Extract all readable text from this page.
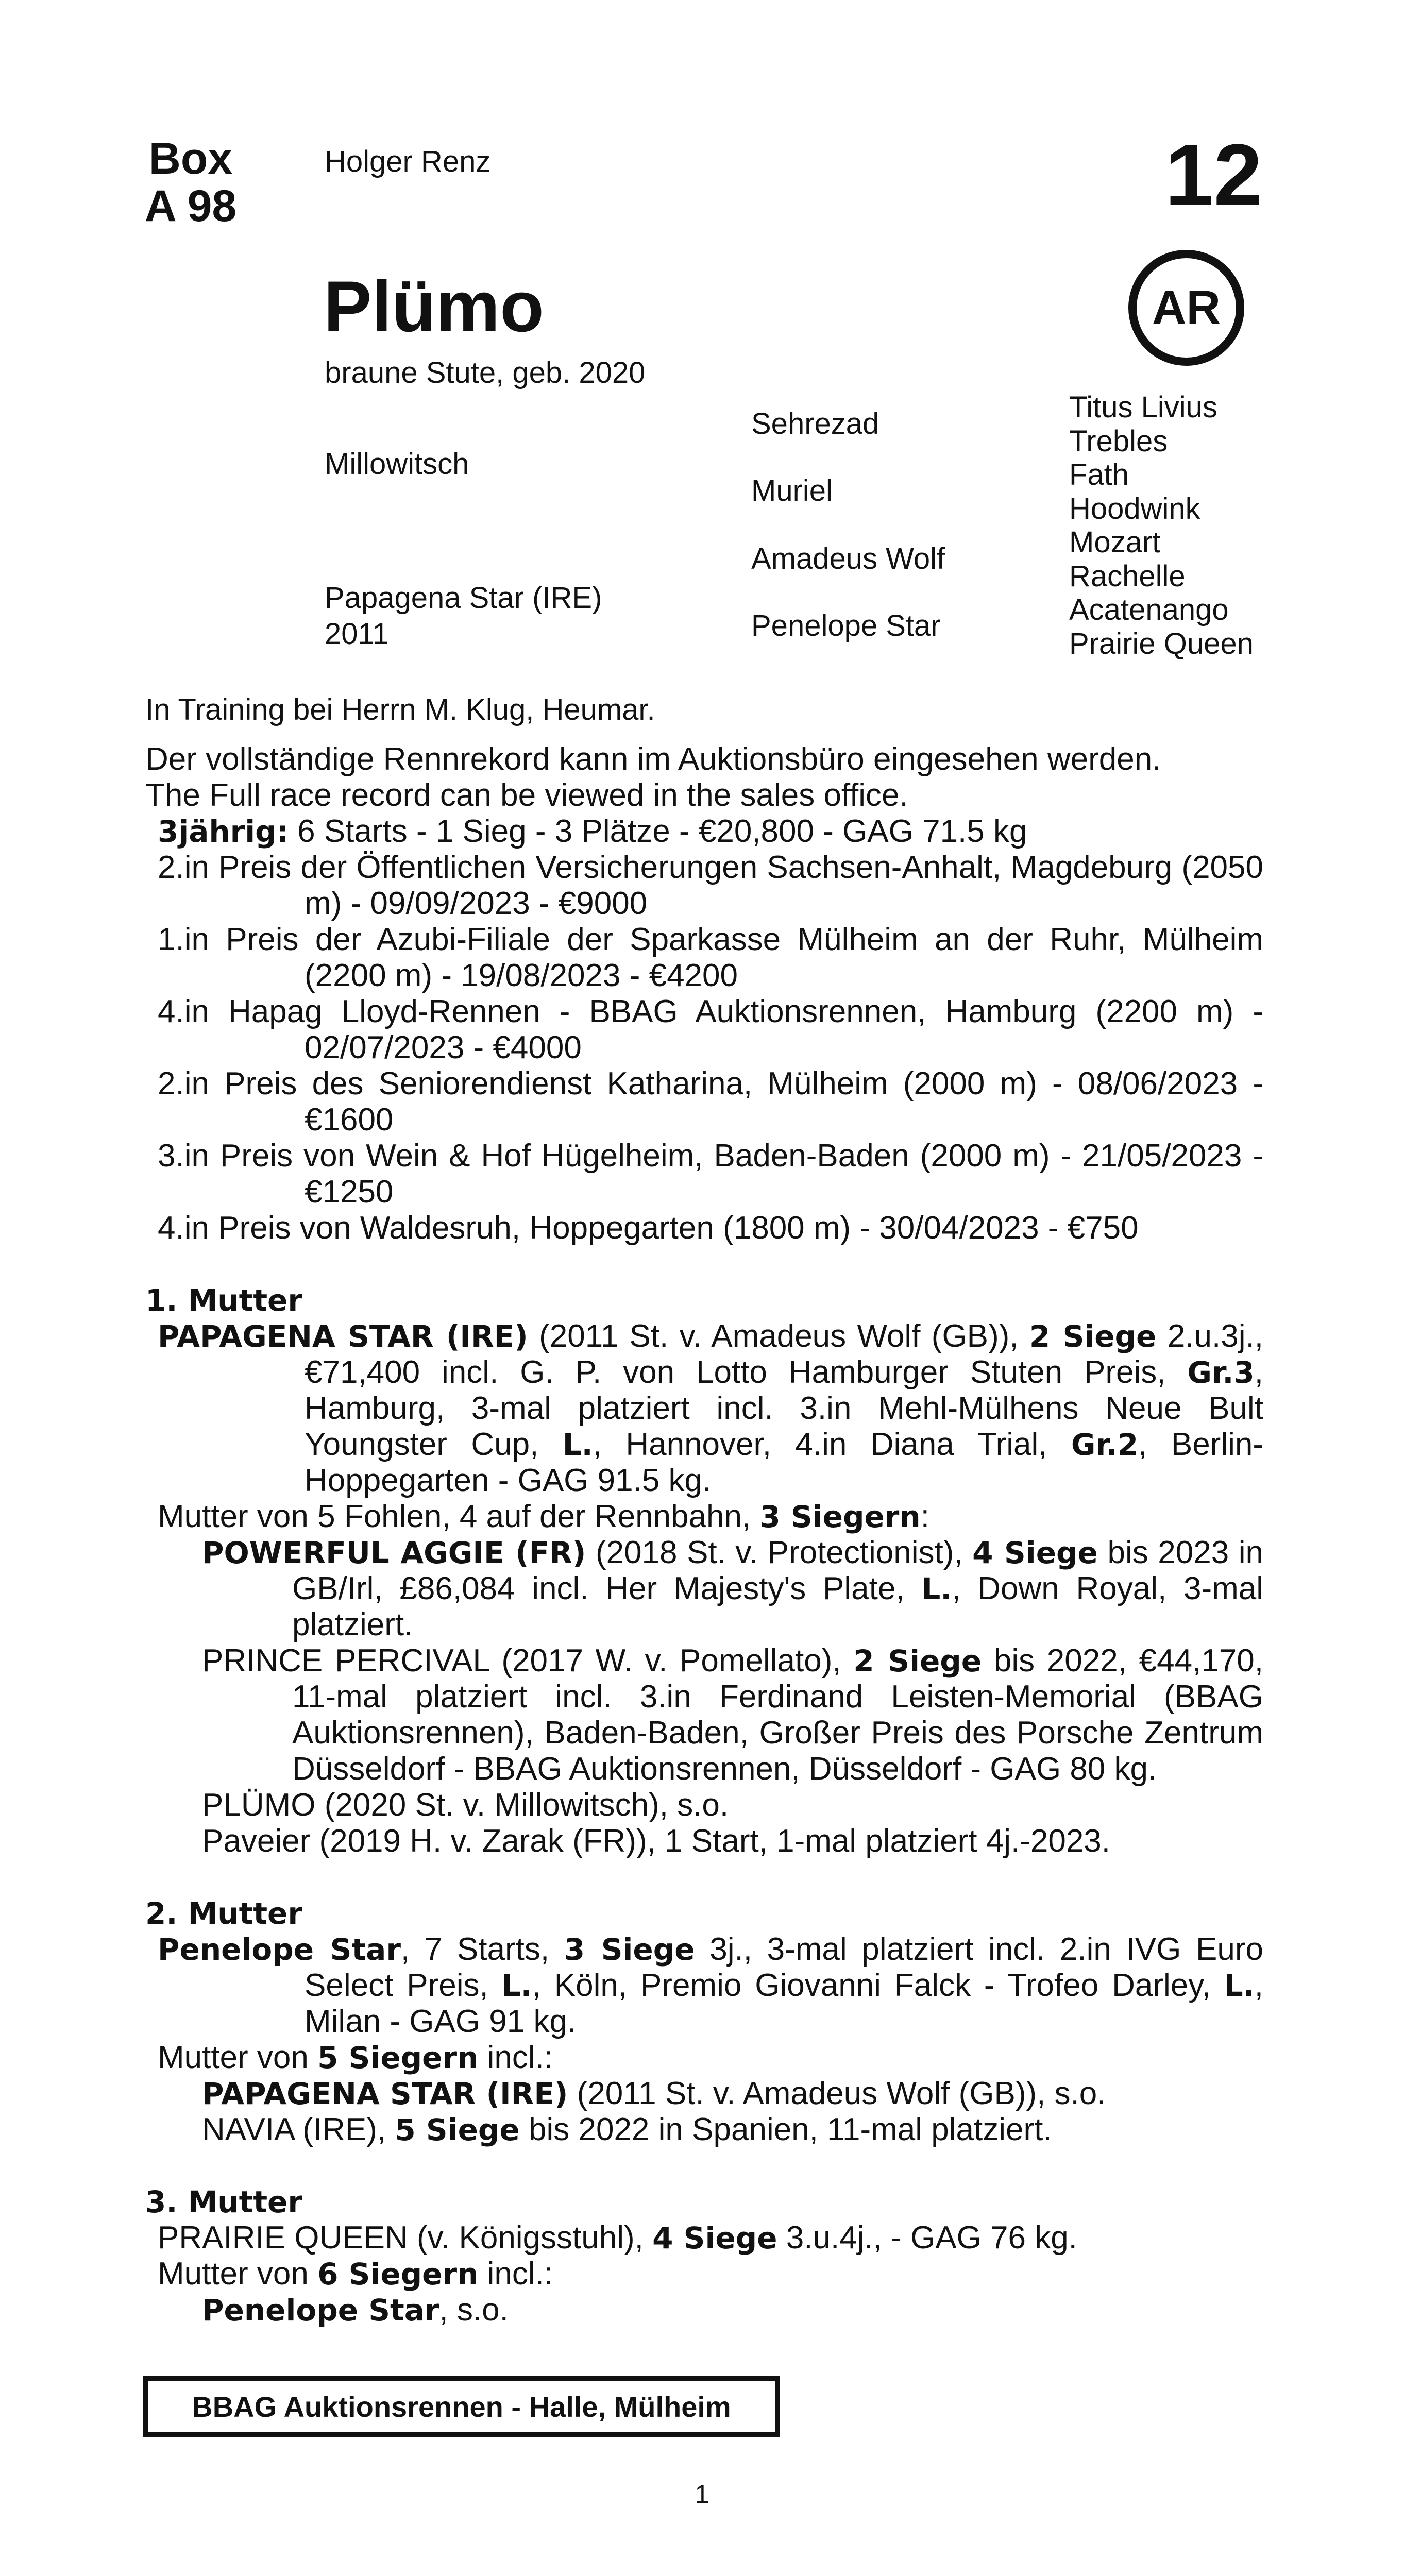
Box
A 98
Holger Renz	12
Plümo	AR
braune Stute, geb. 2020
Millowitsch
Papagena Star (IRE)
2011
Sehrezad
Muriel
Amadeus Wolf
Penelope Star
Titus Livius
Trebles
Fath
Hoodwink
Mozart
Rachelle
Acatenango
Prairie Queen

In Training bei Herrn M. Klug, Heumar.

Der vollständige Rennrekord kann im Auktionsbüro eingesehen werden.

The Full race record can be viewed in the sales office.

3jährig: 6 Starts - 1 Sieg - 3 Plätze - €20,800 - GAG 71.5 kg

2.in Preis der Öffentlichen Versicherungen Sachsen-Anhalt, Magdeburg (2050 m) - 09/09/2023 - €9000

1.in Preis der Azubi-Filiale der Sparkasse Mülheim an der Ruhr, Mülheim (2200 m) - 19/08/2023 - €4200

4.in Hapag Lloyd-Rennen - BBAG Auktionsrennen, Hamburg (2200 m) - 02/07/2023 - €4000

2.in Preis des Seniorendienst Katharina, Mülheim (2000 m) - 08/06/2023 - €1600

3.in Preis von Wein & Hof Hügelheim, Baden-Baden (2000 m) - 21/05/2023 - €1250

4.in Preis von Waldesruh, Hoppegarten (1800 m) - 30/04/2023 - €750

1. Mutter

PAPAGENA STAR (IRE) (2011 St. v. Amadeus Wolf (GB)), 2 Siege 2.u.3j., €71,400 incl. G. P. von Lotto Hamburger Stuten Preis, Gr.3, Hamburg, 3-mal platziert incl. 3.in Mehl-Mülhens Neue Bult Youngster Cup, L., Hannover, 4.in Diana Trial, Gr.2, Berlin-Hoppegarten - GAG 91.5 kg.

Mutter von 5 Fohlen, 4 auf der Rennbahn, 3 Siegern:

POWERFUL AGGIE (FR) (2018 St. v. Protectionist), 4 Siege bis 2023 in GB/Irl, £86,084 incl. Her Majesty's Plate, L., Down Royal, 3-mal platziert.

PRINCE PERCIVAL (2017 W. v. Pomellato), 2 Siege bis 2022, €44,170, 11-mal platziert incl. 3.in Ferdinand Leisten-Memorial (BBAG Auktionsrennen), Baden-Baden, Großer Preis des Porsche Zentrum Düsseldorf - BBAG Auktionsrennen, Düsseldorf - GAG 80 kg.

PLÜMO (2020 St. v. Millowitsch), s.o.

Paveier (2019 H. v. Zarak (FR)), 1 Start, 1-mal platziert 4j.-2023.

2. Mutter

Penelope Star, 7 Starts, 3 Siege 3j., 3-mal platziert incl. 2.in IVG Euro Select Preis, L., Köln, Premio Giovanni Falck - Trofeo Darley, L., Milan - GAG 91 kg.

Mutter von 5 Siegern incl.:

PAPAGENA STAR (IRE) (2011 St. v. Amadeus Wolf (GB)), s.o.

NAVIA (IRE), 5 Siege bis 2022 in Spanien, 11-mal platziert.

3. Mutter

PRAIRIE QUEEN (v. Königsstuhl), 4 Siege 3.u.4j., - GAG 76 kg.

Mutter von 6 Siegern incl.:

Penelope Star, s.o.

BBAG Auktionsrennen - Halle, Mülheim
1
